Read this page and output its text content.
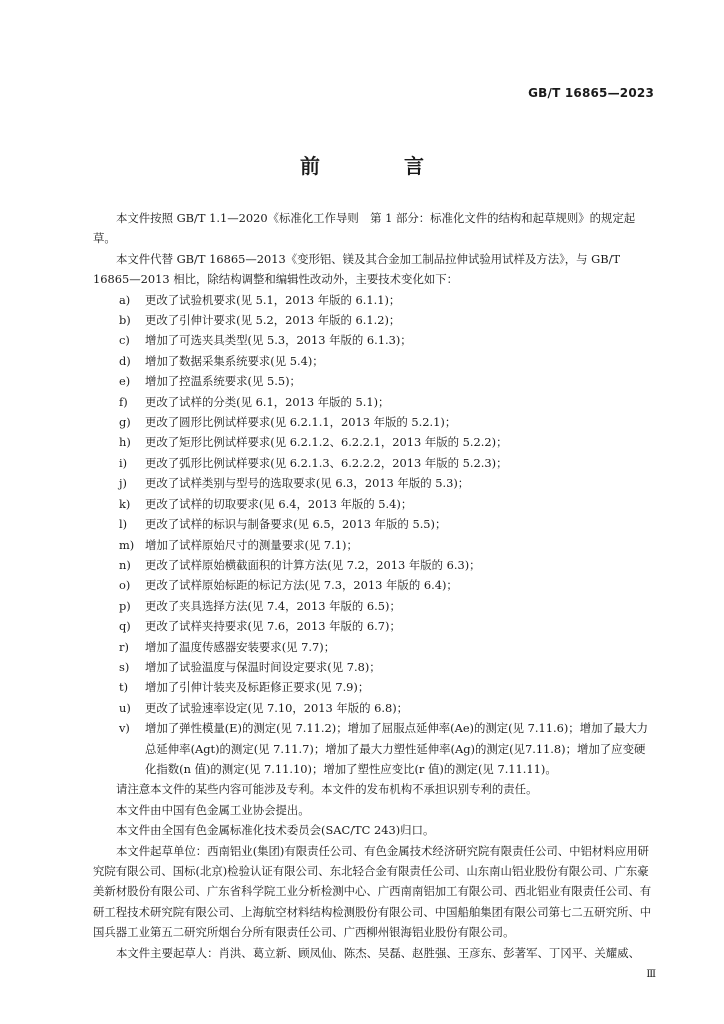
GB/T 16865—2023
前　言

本文件按照 GB/T 1.1—2020《标准化工作导则　第 1 部分：标准化文件的结构和起草规则》的规定起草。

本文件代替 GB/T 16865—2013《变形铝、镁及其合金加工制品拉伸试验用试样及方法》，与 GB/T 16865—2013 相比，除结构调整和编辑性改动外，主要技术变化如下：

a) 更改了试验机要求(见 5.1，2013 年版的 6.1.1)；
b) 更改了引伸计要求(见 5.2，2013 年版的 6.1.2)；
c) 增加了可选夹具类型(见 5.3，2013 年版的 6.1.3)；
d) 增加了数据采集系统要求(见 5.4)；
e) 增加了控温系统要求(见 5.5)；
f) 更改了试样的分类(见 6.1，2013 年版的 5.1)；
g) 更改了圆形比例试样要求(见 6.2.1.1，2013 年版的 5.2.1)；
h) 更改了矩形比例试样要求(见 6.2.1.2、6.2.2.1，2013 年版的 5.2.2)；
i) 更改了弧形比例试样要求(见 6.2.1.3、6.2.2.2，2013 年版的 5.2.3)；
j) 更改了试样类别与型号的选取要求(见 6.3，2013 年版的 5.3)；
k) 更改了试样的切取要求(见 6.4，2013 年版的 5.4)；
l) 更改了试样的标识与制备要求(见 6.5，2013 年版的 5.5)；
m) 增加了试样原始尺寸的测量要求(见 7.1)；
n) 更改了试样原始横截面积的计算方法(见 7.2，2013 年版的 6.3)；
o) 更改了试样原始标距的标记方法(见 7.3，2013 年版的 6.4)；
p) 更改了夹具选择方法(见 7.4，2013 年版的 6.5)；
q) 更改了试样夹持要求(见 7.6，2013 年版的 6.7)；
r) 增加了温度传感器安装要求(见 7.7)；
s) 增加了试验温度与保温时间设定要求(见 7.8)；
t) 增加了引伸计装夹及标距修正要求(见 7.9)；
u) 更改了试验速率设定(见 7.10，2013 年版的 6.8)；
v) 增加了弹性模量(E)的测定(见 7.11.2)；增加了屈服点延伸率(Ae)的测定(见 7.11.6)；增加了最大力总延伸率(Agt)的测定(见 7.11.7)；增加了最大力塑性延伸率(Ag)的测定(见7.11.8)；增加了应变硬化指数(n 值)的测定(见 7.11.10)；增加了塑性应变比(r 值)的测定(见 7.11.11)。

请注意本文件的某些内容可能涉及专利。本文件的发布机构不承担识别专利的责任。

本文件由中国有色金属工业协会提出。

本文件由全国有色金属标准化技术委员会(SAC/TC 243)归口。

本文件起草单位：西南铝业(集团)有限责任公司、有色金属技术经济研究院有限责任公司、中铝材料应用研究院有限公司、国标(北京)检验认证有限公司、东北轻合金有限责任公司、山东南山铝业股份有限公司、广东豪美新材股份有限公司、广东省科学院工业分析检测中心、广西南南铝加工有限公司、西北铝业有限责任公司、有研工程技术研究院有限公司、上海航空材料结构检测股份有限公司、中国船舶集团有限公司第七二五研究所、中国兵器工业第五二研究所烟台分所有限责任公司、广西柳州银海铝业股份有限公司。

本文件主要起草人：肖洪、葛立新、顾凤仙、陈杰、吴磊、赵胜强、王彦东、彭著军、丁冈平、关耀威、

Ⅲ
